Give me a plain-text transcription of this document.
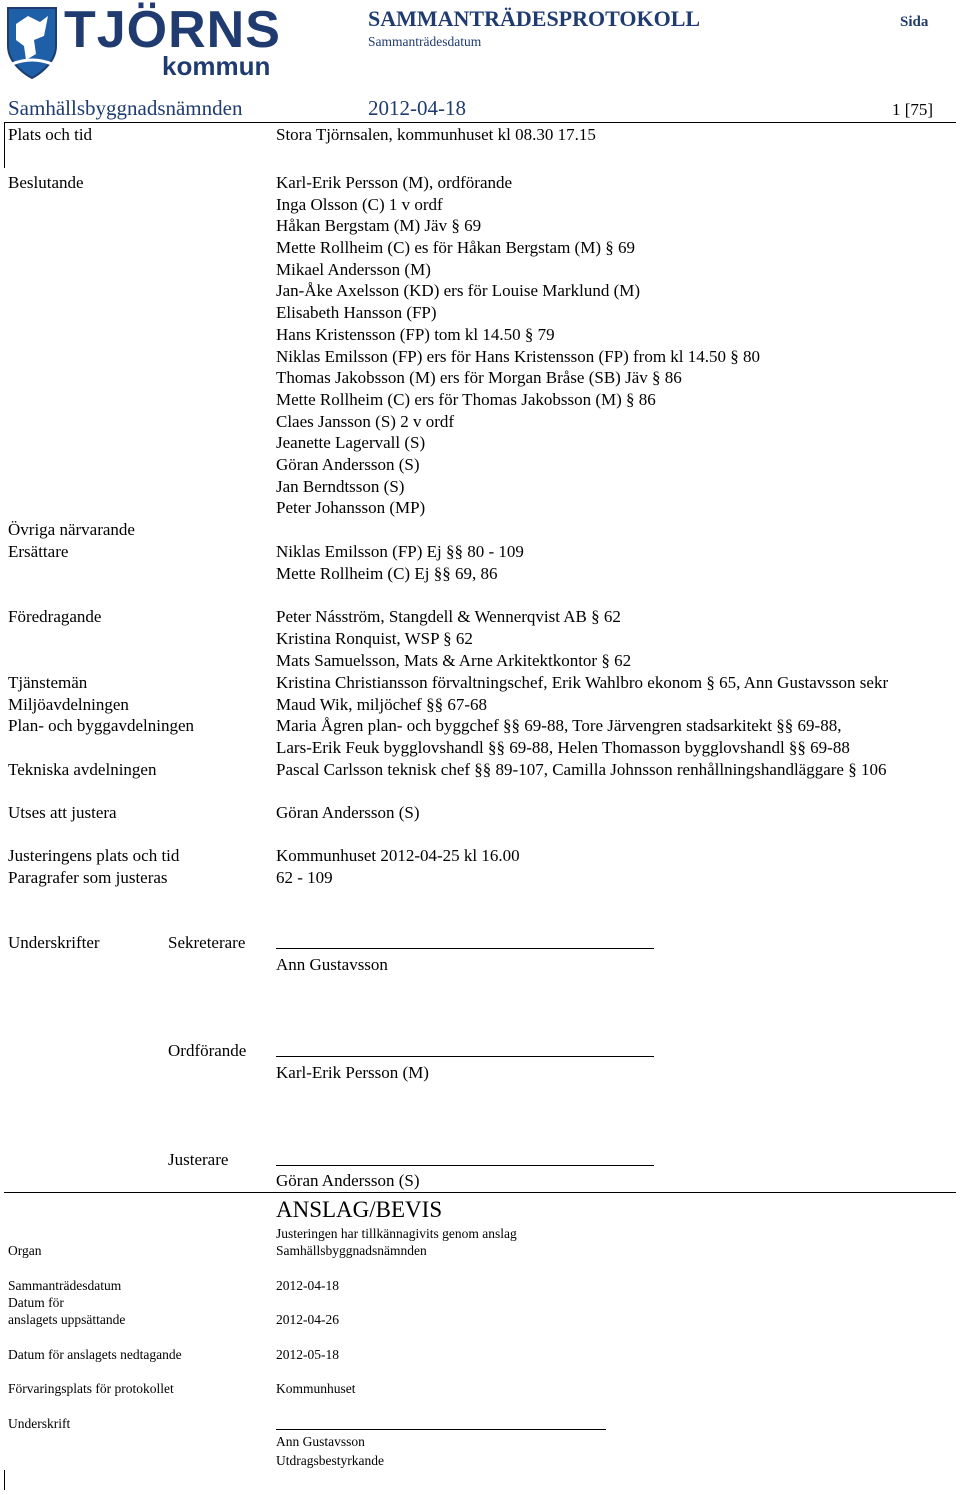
TJÖRNS
kommun
SAMMANTRÄDESPROTOKOLL
Sammanträdesdatum
Sida
Samhällsbyggnadsnämnden	2012-04-18	1 [75]
Plats och tid	Stora Tjörnsalen, kommunhuset kl 08.30 17.15
Beslutande	Karl-Erik Persson (M), ordförande
Inga Olsson (C) 1 v ordf
Håkan Bergstam (M) Jäv § 69
Mette Rollheim (C) es för Håkan Bergstam (M) § 69
Mikael Andersson (M)
Jan-Åke Axelsson (KD) ers för Louise Marklund (M)
Elisabeth Hansson (FP)
Hans Kristensson (FP) tom kl 14.50 § 79
Niklas Emilsson (FP) ers för Hans Kristensson (FP) from kl 14.50 § 80
Thomas Jakobsson (M) ers för Morgan Bråse (SB) Jäv § 86
Mette Rollheim (C) ers för Thomas Jakobsson (M) § 86
Claes Jansson (S) 2 v ordf
Jeanette Lagervall (S)
Göran Andersson (S)
Jan Berndtsson (S)
Peter Johansson (MP)
Övriga närvarande
Ersättare	Niklas Emilsson (FP) Ej §§ 80 - 109
Mette Rollheim (C) Ej §§ 69, 86
Föredragande	Peter Násström, Stangdell & Wennerqvist AB § 62
Kristina Ronquist, WSP § 62
Mats Samuelsson, Mats & Arne Arkitektkontor § 62
Tjänstemän	Kristina Christiansson förvaltningschef, Erik Wahlbro ekonom § 65, Ann Gustavsson sekr
Miljöavdelningen	Maud Wik, miljöchef §§ 67-68
Plan- och byggavdelningen	Maria Ågren plan- och byggchef §§ 69-88, Tore Järvengren stadsarkitekt §§ 69-88,
Lars-Erik Feuk bygglovshandl §§ 69-88, Helen Thomasson bygglovshandl §§ 69-88
Tekniska avdelningen	Pascal Carlsson teknisk chef §§ 89-107, Camilla Johnsson renhållningshandläggare § 106
Utses att justera	Göran Andersson (S)
Justeringens plats och tid	Kommunhuset 2012-04-25 kl 16.00
Paragrafer som justeras	62 - 109
Underskrifter	Sekreterare
Ann Gustavsson
Ordförande
Karl-Erik Persson (M)
Justerare
Göran Andersson (S)
ANSLAG/BEVIS
Justeringen har tillkännagivits genom anslag
Organ	Samhällsbyggnadsnämnden
Sammanträdesdatum	2012-04-18
Datum för
anslagets uppsättande	2012-04-26
Datum för anslagets nedtagande	2012-05-18
Förvaringsplats för protokollet	Kommunhuset
Underskrift
Ann Gustavsson
Utdragsbestyrkande
